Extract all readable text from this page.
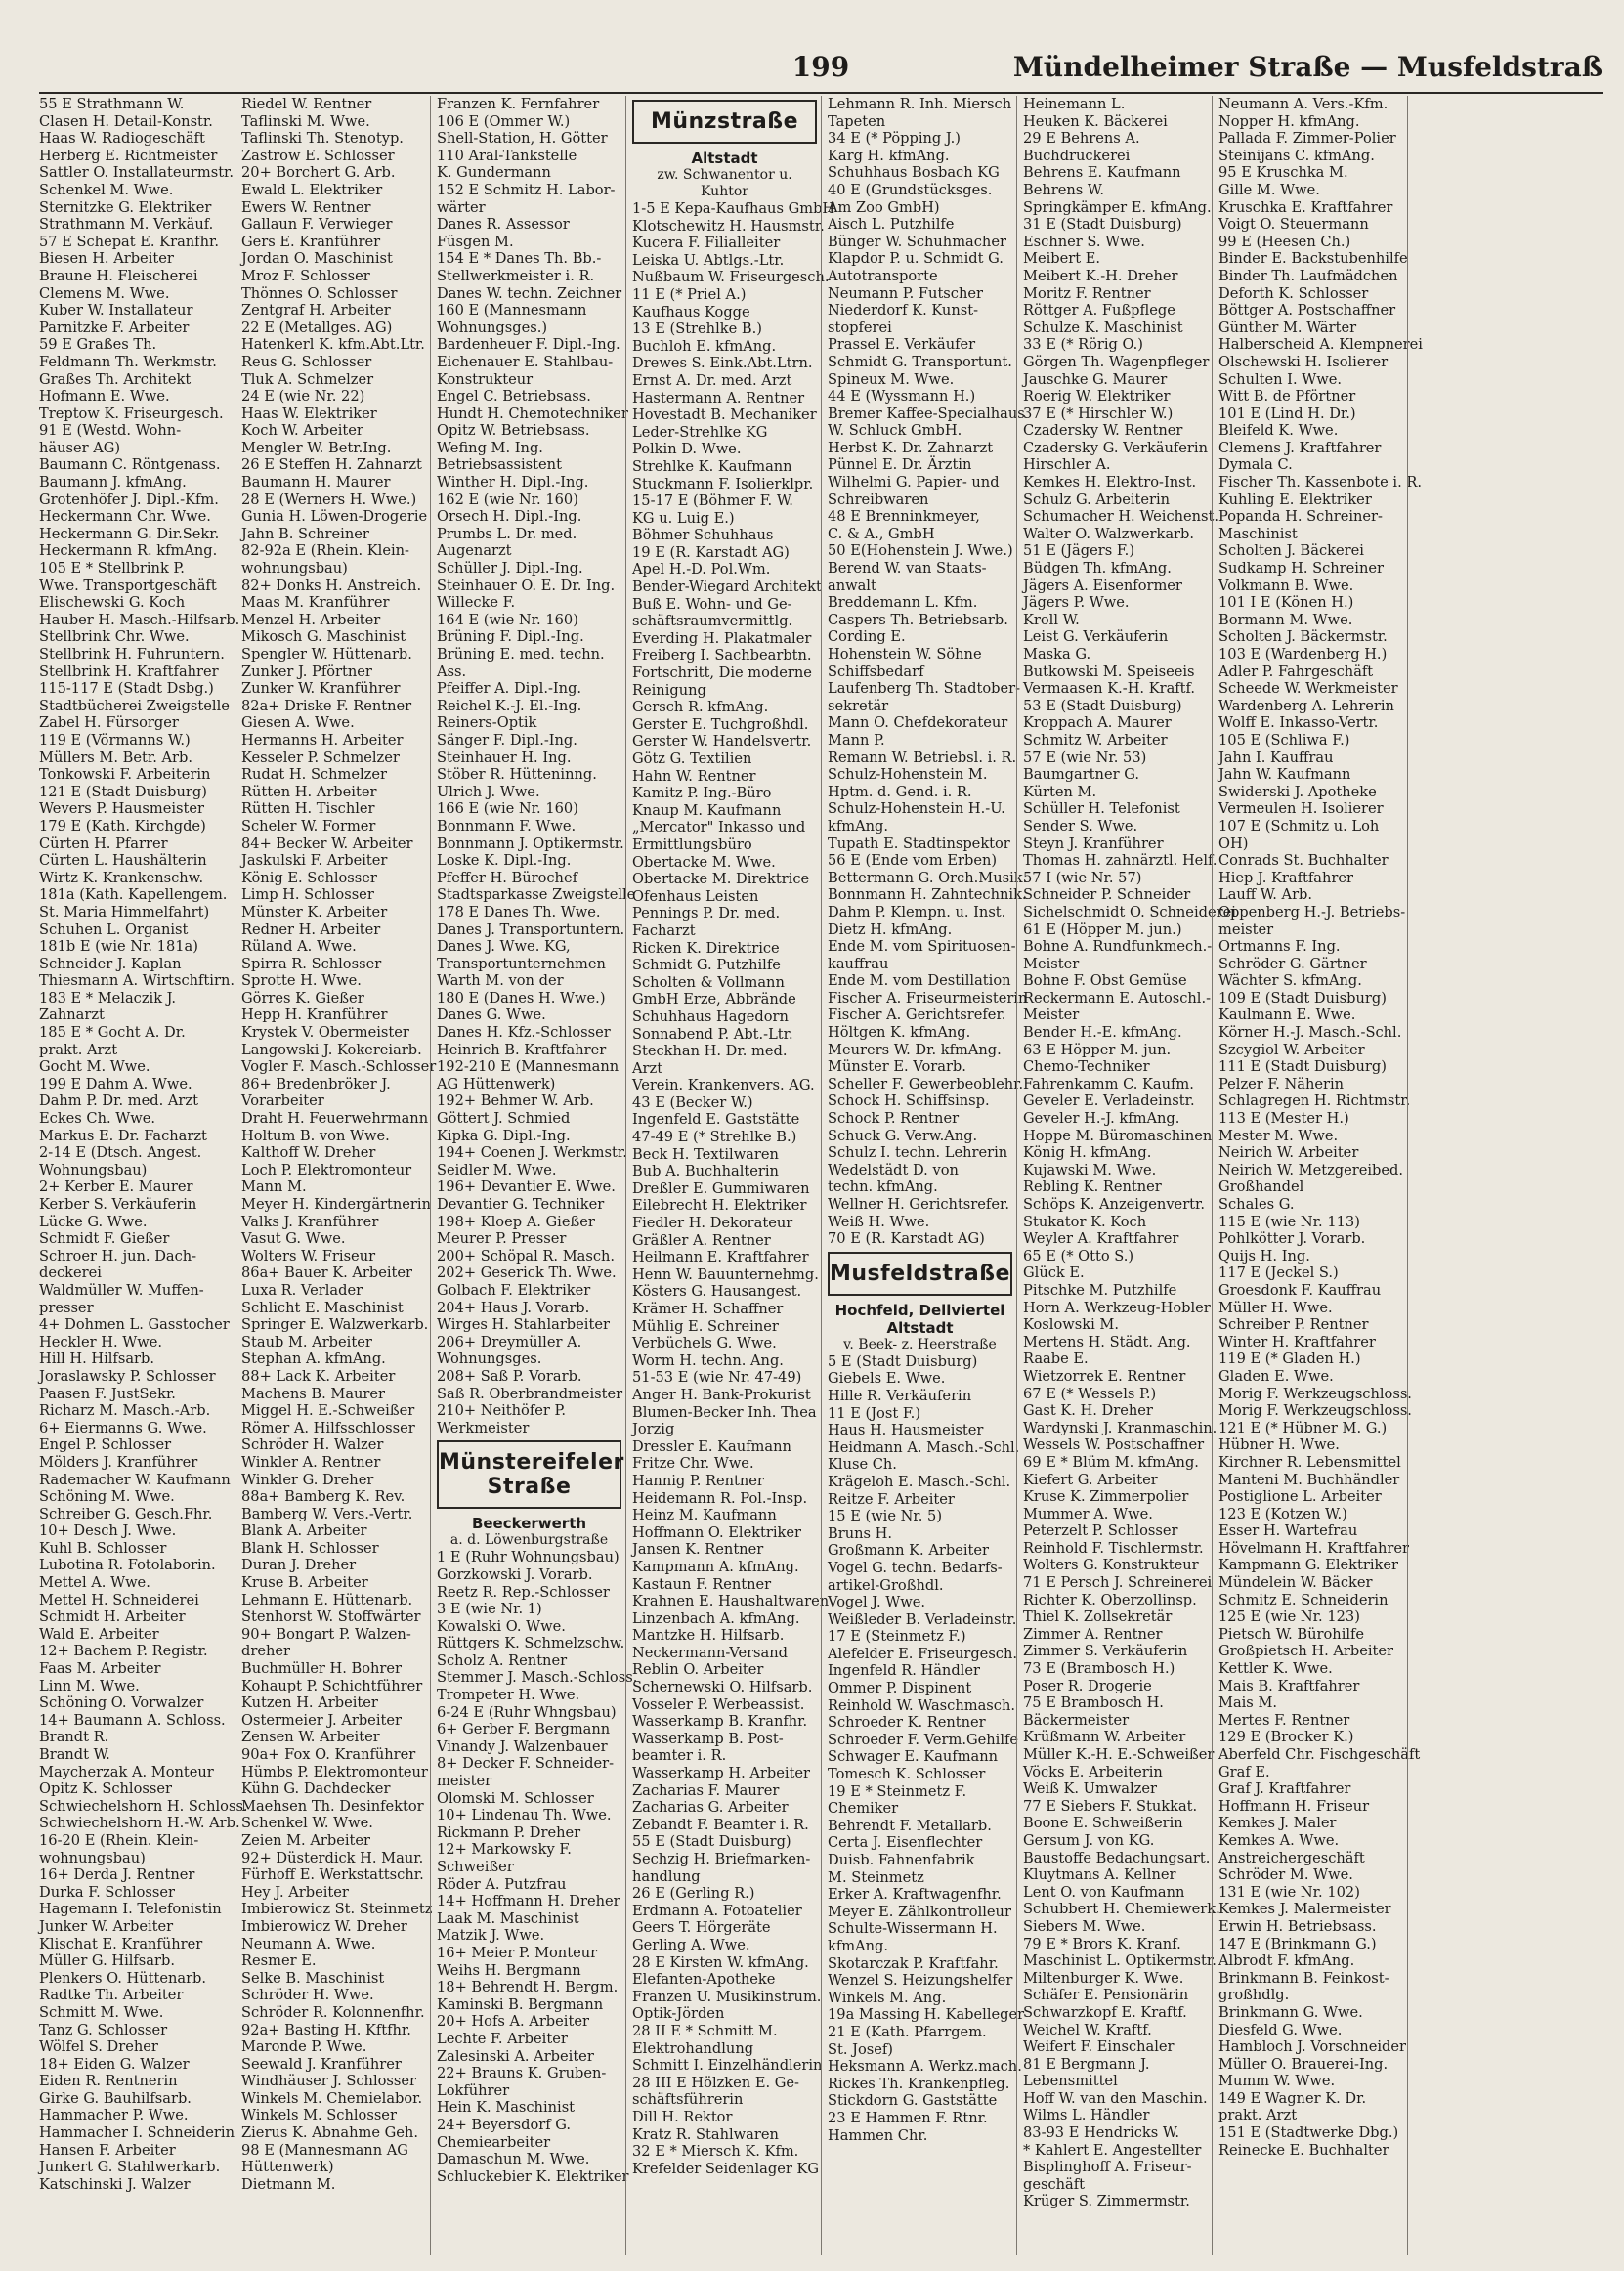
199	Mündelheimer Straße — Musfeldstraß
55 E Strathmann W.
Clasen H. Detail-Konstr.
Haas W. Radiogeschäft
Herberg E. Richtmeister
Sattler O. Installateurmstr.
Schenkel M. Wwe.
Sternitzke G. Elektriker
Strathmann M. Verkäuf.
57 E Schepat E. Kranfhr.
Biesen H. Arbeiter
Braune H. Fleischerei
Clemens M. Wwe.
Kuber W. Installateur
Parnitzke F. Arbeiter
59 E Graßes Th.
Feldmann Th. Werkmstr.
Graßes Th. Architekt
Hofmann E. Wwe.
Treptow K. Friseurgesch.
91 E (Westd. Wohn-
häuser AG)
Baumann C. Röntgenass.
Baumann J. kfmAng.
Grotenhöfer J. Dipl.-Kfm.
Heckermann Chr. Wwe.
Heckermann G. Dir.Sekr.
Heckermann R. kfmAng.
105 E * Stellbrink P.
Wwe. Transportgeschäft
Elischewski G. Koch
Hauber H. Masch.-Hilfsarb.
Stellbrink Chr. Wwe.
Stellbrink H. Fuhruntern.
Stellbrink H. Kraftfahrer
115-117 E (Stadt Dsbg.)
Stadtbücherei Zweigstelle
Zabel H. Fürsorger
119 E (Vörmanns W.)
Müllers M. Betr. Arb.
Tonkowski F. Arbeiterin
121 E (Stadt Duisburg)
Wevers P. Hausmeister
179 E (Kath. Kirchgde)
Cürten H. Pfarrer
Cürten L. Haushälterin
Wirtz K. Krankenschw.
181a (Kath. Kapellengem.
St. Maria Himmelfahrt)
Schuhen L. Organist
181b E (wie Nr. 181a)
Schneider J. Kaplan
Thiesmann A. Wirtschftirn.
183 E * Melaczik J.
Zahnarzt
185 E * Gocht A. Dr.
prakt. Arzt
Gocht M. Wwe.
199 E Dahm A. Wwe.
Dahm P. Dr. med. Arzt
Eckes Ch. Wwe.
Markus E. Dr. Facharzt
2-14 E (Dtsch. Angest.
Wohnungsbau)
2+ Kerber E. Maurer
Kerber S. Verkäuferin
Lücke G. Wwe.
Schmidt F. Gießer
Schroer H. jun. Dach-
deckerei
Waldmüller W. Muffen-
presser
4+ Dohmen L. Gasstocher
Heckler H. Wwe.
Hill H. Hilfsarb.
Joraslawsky P. Schlosser
Paasen F. JustSekr.
Richarz M. Masch.-Arb.
6+ Eiermanns G. Wwe.
Engel P. Schlosser
Mölders J. Kranführer
Rademacher W. Kaufmann
Schöning M. Wwe.
Schreiber G. Gesch.Fhr.
10+ Desch J. Wwe.
Kuhl B. Schlosser
Lubotina R. Fotolaborin.
Mettel A. Wwe.
Mettel H. Schneiderei
Schmidt H. Arbeiter
Wald E. Arbeiter
12+ Bachem P. Registr.
Faas M. Arbeiter
Linn M. Wwe.
Schöning O. Vorwalzer
14+ Baumann A. Schloss.
Brandt R.
Brandt W.
Maycherzak A. Monteur
Opitz K. Schlosser
Schwiechelshorn H. Schloss.
Schwiechelshorn H.-W. Arb.
16-20 E (Rhein. Klein-
wohnungsbau)
16+ Derda J. Rentner
Durka F. Schlosser
Hagemann I. Telefonistin
Junker W. Arbeiter
Klischat E. Kranführer
Müller G. Hilfsarb.
Plenkers O. Hüttenarb.
Radtke Th. Arbeiter
Schmitt M. Wwe.
Tanz G. Schlosser
Wölfel S. Dreher
18+ Eiden G. Walzer
Eiden R. Rentnerin
Girke G. Bauhilfsarb.
Hammacher P. Wwe.
Hammacher I. Schneiderin
Hansen F. Arbeiter
Junkert G. Stahlwerkarb.
Katschinski J. Walzer
Riedel W. Rentner
Taflinski M. Wwe.
Taflinski Th. Stenotyp.
Zastrow E. Schlosser
20+ Borchert G. Arb.
Ewald L. Elektriker
Ewers W. Rentner
Gallaun F. Verwieger
Gers E. Kranführer
Jordan O. Maschinist
Mroz F. Schlosser
Thönnes O. Schlosser
Zentgraf H. Arbeiter
22 E (Metallges. AG)
Hatenkerl K. kfm.Abt.Ltr.
Reus G. Schlosser
Tluk A. Schmelzer
24 E (wie Nr. 22)
Haas W. Elektriker
Koch W. Arbeiter
Mengler W. Betr.Ing.
26 E Steffen H. Zahnarzt
Baumann H. Maurer
28 E (Werners H. Wwe.)
Gunia H. Löwen-Drogerie
Jahn B. Schreiner
82-92a E (Rhein. Klein-
wohnungsbau)
82+ Donks H. Anstreich.
Maas M. Kranführer
Menzel H. Arbeiter
Mikosch G. Maschinist
Spengler W. Hüttenarb.
Zunker J. Pförtner
Zunker W. Kranführer
82a+ Driske F. Rentner
Giesen A. Wwe.
Hermanns H. Arbeiter
Kesseler P. Schmelzer
Rudat H. Schmelzer
Rütten H. Arbeiter
Rütten H. Tischler
Scheler W. Former
84+ Becker W. Arbeiter
Jaskulski F. Arbeiter
König E. Schlosser
Limp H. Schlosser
Münster K. Arbeiter
Redner H. Arbeiter
Rüland A. Wwe.
Spirra R. Schlosser
Sprotte H. Wwe.
Görres K. Gießer
Hepp H. Kranführer
Krystek V. Obermeister
Langowski J. Kokereiarb.
Vogler F. Masch.-Schlosser
86+ Bredenbröker J.
Vorarbeiter
Draht H. Feuerwehrmann
Holtum B. von Wwe.
Kalthoff W. Dreher
Loch P. Elektromonteur
Mann M.
Meyer H. Kindergärtnerin
Valks J. Kranführer
Vasut G. Wwe.
Wolters W. Friseur
86a+ Bauer K. Arbeiter
Luxa R. Verlader
Schlicht E. Maschinist
Springer E. Walzwerkarb.
Staub M. Arbeiter
Stephan A. kfmAng.
88+ Lack K. Arbeiter
Machens B. Maurer
Miggel H. E.-Schweißer
Römer A. Hilfsschlosser
Schröder H. Walzer
Winkler A. Rentner
Winkler G. Dreher
88a+ Bamberg K. Rev.
Bamberg W. Vers.-Vertr.
Blank A. Arbeiter
Blank H. Schlosser
Duran J. Dreher
Kruse B. Arbeiter
Lehmann E. Hüttenarb.
Stenhorst W. Stoffwärter
90+ Bongart P. Walzen-
dreher
Buchmüller H. Bohrer
Kohaupt P. Schichtführer
Kutzen H. Arbeiter
Ostermeier J. Arbeiter
Zensen W. Arbeiter
90a+ Fox O. Kranführer
Hümbs P. Elektromonteur
Kühn G. Dachdecker
Maehsen Th. Desinfektor
Schenkel W. Wwe.
Zeien M. Arbeiter
92+ Düsterdick H. Maur.
Fürhoff E. Werkstattschr.
Hey J. Arbeiter
Imbierowicz St. Steinmetz
Imbierowicz W. Dreher
Neumann A. Wwe.
Resmer E.
Selke B. Maschinist
Schröder H. Wwe.
Schröder R. Kolonnenfhr.
92a+ Basting H. Kftfhr.
Maronde P. Wwe.
Seewald J. Kranführer
Windhäuser J. Schlosser
Winkels M. Chemielabor.
Winkels M. Schlosser
Zierus K. Abnahme Geh.
98 E (Mannesmann AG
Hüttenwerk)
Dietmann M.
Franzen K. Fernfahrer
106 E (Ommer W.)
Shell-Station, H. Götter
110 Aral-Tankstelle
K. Gundermann
152 E Schmitz H. Labor-
wärter
Danes R. Assessor
Füsgen M.
154 E * Danes Th. Bb.-
Stellwerkmeister i. R.
Danes W. techn. Zeichner
160 E (Mannesmann
Wohnungsges.)
Bardenheuer F. Dipl.-Ing.
Eichenauer E. Stahlbau-
Konstrukteur
Engel C. Betriebsass.
Hundt H. Chemotechniker
Opitz W. Betriebsass.
Wefing M. Ing.
Betriebsassistent
Winther H. Dipl.-Ing.
162 E (wie Nr. 160)
Orsech H. Dipl.-Ing.
Prumbs L. Dr. med.
Augenarzt
Schüller J. Dipl.-Ing.
Steinhauer O. E. Dr. Ing.
Willecke F.
164 E (wie Nr. 160)
Brüning F. Dipl.-Ing.
Brüning E. med. techn.
Ass.
Pfeiffer A. Dipl.-Ing.
Reichel K.-J. El.-Ing.
Reiners-Optik
Sänger F. Dipl.-Ing.
Steinhauer H. Ing.
Stöber R. Hütteninng.
Ulrich J. Wwe.
166 E (wie Nr. 160)
Bonnmann F. Wwe.
Bonnmann J. Optikermstr.
Loske K. Dipl.-Ing.
Pfeffer H. Bürochef
Stadtsparkasse Zweigstelle
178 E Danes Th. Wwe.
Danes J. Transportuntern.
Danes J. Wwe. KG,
Transportunternehmen
Warth M. von der
180 E (Danes H. Wwe.)
Danes G. Wwe.
Danes H. Kfz.-Schlosser
Heinrich B. Kraftfahrer
192-210 E (Mannesmann
AG Hüttenwerk)
192+ Behmer W. Arb.
Göttert J. Schmied
Kipka G. Dipl.-Ing.
194+ Coenen J. Werkmstr.
Seidler M. Wwe.
196+ Devantier E. Wwe.
Devantier G. Techniker
198+ Kloep A. Gießer
Meurer P. Presser
200+ Schöpal R. Masch.
202+ Geserick Th. Wwe.
Golbach F. Elektriker
204+ Haus J. Vorarb.
Wirges H. Stahlarbeiter
206+ Dreymüller A.
Wohnungsges.
208+ Saß P. Vorarb.
Saß R. Oberbrandmeister
210+ Neithöfer P.
Werkmeister
Münstereifeler Straße
Beeckerwerth
a. d. Löwenburgstraße
1 E (Ruhr Wohnungsbau)
Gorzkowski J. Vorarb.
Reetz R. Rep.-Schlosser
3 E (wie Nr. 1)
Kowalski O. Wwe.
Rüttgers K. Schmelzschw.
Scholz A. Rentner
Stemmer J. Masch.-Schloss.
Trompeter H. Wwe.
6-24 E (Ruhr Whngsbau)
6+ Gerber F. Bergmann
Vinandy J. Walzenbauer
8+ Decker F. Schneider-
meister
Olomski M. Schlosser
10+ Lindenau Th. Wwe.
Rickmann P. Dreher
12+ Markowsky F.
Schweißer
Röder A. Putzfrau
14+ Hoffmann H. Dreher
Laak M. Maschinist
Matzik J. Wwe.
16+ Meier P. Monteur
Weihs H. Bergmann
18+ Behrendt H. Bergm.
Kaminski B. Bergmann
20+ Hofs A. Arbeiter
Lechte F. Arbeiter
Zalesinski A. Arbeiter
22+ Brauns K. Gruben-
Lokführer
Hein K. Maschinist
24+ Beyersdorf G.
Chemiearbeiter
Damaschun M. Wwe.
Schluckebier K. Elektriker
Münzstraße
Altstadt
zw. Schwanentor u. Kuhtor
1-5 E Kepa-Kaufhaus GmbH
Klotschewitz H. Hausmstr.
Kucera F. Filialleiter
Leiska U. Abtlgs.-Ltr.
Nußbaum W. Friseurgesch.
11 E (* Priel A.)
Kaufhaus Kogge
13 E (Strehlke B.)
Buchloh E. kfmAng.
Drewes S. Eink.Abt.Ltrn.
Ernst A. Dr. med. Arzt
Hastermann A. Rentner
Hovestadt B. Mechaniker
Leder-Strehlke KG
Polkin D. Wwe.
Strehlke K. Kaufmann
Stuckmann F. Isolierklpr.
15-17 E (Böhmer F. W.
KG u. Luig E.)
Böhmer Schuhhaus
19 E (R. Karstadt AG)
Apel H.-D. Pol.Wm.
Bender-Wiegard Architekt
Buß E. Wohn- und Ge-
schäftsraumvermittlg.
Everding H. Plakatmaler
Freiberg I. Sachbearbtn.
Fortschritt, Die moderne
Reinigung
Gersch R. kfmAng.
Gerster E. Tuchgroßhdl.
Gerster W. Handelsvertr.
Götz G. Textilien
Hahn W. Rentner
Kamitz P. Ing.-Büro
Knaup M. Kaufmann
„Mercator" Inkasso und
Ermittlungsbüro
Obertacke M. Wwe.
Obertacke M. Direktrice
Ofenhaus Leisten
Pennings P. Dr. med.
Facharzt
Ricken K. Direktrice
Schmidt G. Putzhilfe
Scholten & Vollmann
GmbH Erze, Abbrände
Schuhhaus Hagedorn
Sonnabend P. Abt.-Ltr.
Steckhan H. Dr. med.
Arzt
Verein. Krankenvers. AG.
43 E (Becker W.)
Ingenfeld E. Gaststätte
47-49 E (* Strehlke B.)
Beck H. Textilwaren
Bub A. Buchhalterin
Dreßler E. Gummiwaren
Eilebrecht H. Elektriker
Fiedler H. Dekorateur
Gräßler A. Rentner
Heilmann E. Kraftfahrer
Henn W. Bauunternehmg.
Kösters G. Hausangest.
Krämer H. Schaffner
Mühlig E. Schreiner
Verbüchels G. Wwe.
Worm H. techn. Ang.
51-53 E (wie Nr. 47-49)
Anger H. Bank-Prokurist
Blumen-Becker Inh. Thea
Jorzig
Dressler E. Kaufmann
Fritze Chr. Wwe.
Hannig P. Rentner
Heidemann R. Pol.-Insp.
Heinz M. Kaufmann
Hoffmann O. Elektriker
Jansen K. Rentner
Kampmann A. kfmAng.
Kastaun F. Rentner
Krahnen E. Haushaltwaren
Linzenbach A. kfmAng.
Mantzke H. Hilfsarb.
Neckermann-Versand
Reblin O. Arbeiter
Schernewski O. Hilfsarb.
Vosseler P. Werbeassist.
Wasserkamp B. Kranfhr.
Wasserkamp B. Post-
beamter i. R.
Wasserkamp H. Arbeiter
Zacharias F. Maurer
Zacharias G. Arbeiter
Zebandt F. Beamter i. R.
55 E (Stadt Duisburg)
Sechzig H. Briefmarken-
handlung
26 E (Gerling R.)
Erdmann A. Fotoatelier
Geers T. Hörgeräte
Gerling A. Wwe.
28 E Kirsten W. kfmAng.
Elefanten-Apotheke
Franzen U. Musikinstrum.
Optik-Jörden
28 II E * Schmitt M.
Elektrohandlung
Schmitt I. Einzelhändlerin
28 III E Hölzken E. Ge-
schäftsführerin
Dill H. Rektor
Kratz R. Stahlwaren
32 E * Miersch K. Kfm.
Krefelder Seidenlager KG
Lehmann R. Inh. Miersch
Tapeten
34 E (* Pöpping J.)
Karg H. kfmAng.
Schuhhaus Bosbach KG
40 E (Grundstücksges.
Am Zoo GmbH)
Aisch L. Putzhilfe
Bünger W. Schuhmacher
Klapdor P. u. Schmidt G.
Autotransporte
Neumann P. Futscher
Niederdorf K. Kunst-
stopferei
Prassel E. Verkäufer
Schmidt G. Transportunt.
Spineux M. Wwe.
44 E (Wyssmann H.)
Bremer Kaffee-Specialhaus
W. Schluck GmbH.
Herbst K. Dr. Zahnarzt
Pünnel E. Dr. Ärztin
Wilhelmi G. Papier- und
Schreibwaren
48 E Brenninkmeyer,
C. & A., GmbH
50 E(Hohenstein J. Wwe.)
Berend W. van Staats-
anwalt
Breddemann L. Kfm.
Caspers Th. Betriebsarb.
Cording E.
Hohenstein W. Söhne
Schiffsbedarf
Laufenberg Th. Stadtober-
sekretär
Mann O. Chefdekorateur
Mann P.
Remann W. Betriebsl. i. R.
Schulz-Hohenstein M.
Hptm. d. Gend. i. R.
Schulz-Hohenstein H.-U.
kfmAng.
Tupath E. Stadtinspektor
56 E (Ende vom Erben)
Bettermann G. Orch.Musik.
Bonnmann H. Zahntechnik.
Dahm P. Klempn. u. Inst.
Dietz H. kfmAng.
Ende M. vom Spirituosen-
kauffrau
Ende M. vom Destillation
Fischer A. Friseurmeisterin
Fischer A. Gerichtsrefer.
Höltgen K. kfmAng.
Meurers W. Dr. kfmAng.
Münster E. Vorarb.
Scheller F. Gewerbeoblehr.
Schock H. Schiffsinsp.
Schock P. Rentner
Schuck G. Verw.Ang.
Schulz I. techn. Lehrerin
Wedelstädt D. von
techn. kfmAng.
Wellner H. Gerichtsrefer.
Weiß H. Wwe.
70 E (R. Karstadt AG)
Musfeldstraße
Hochfeld, Dellviertel
Altstadt
v. Beek- z. Heerstraße
5 E (Stadt Duisburg)
Giebels E. Wwe.
Hille R. Verkäuferin
11 E (Jost F.)
Haus H. Hausmeister
Heidmann A. Masch.-Schl.
Kluse Ch.
Krägeloh E. Masch.-Schl.
Reitze F. Arbeiter
15 E (wie Nr. 5)
Bruns H.
Großmann K. Arbeiter
Vogel G. techn. Bedarfs-
artikel-Großhdl.
Vogel J. Wwe.
Weißleder B. Verladeinstr.
17 E (Steinmetz F.)
Alefelder E. Friseurgesch.
Ingenfeld R. Händler
Ommer P. Dispinent
Reinhold W. Waschmasch.
Schroeder K. Rentner
Schroeder F. Verm.Gehilfe
Schwager E. Kaufmann
Tomesch K. Schlosser
19 E * Steinmetz F.
Chemiker
Behrendt F. Metallarb.
Certa J. Eisenflechter
Duisb. Fahnenfabrik
M. Steinmetz
Erker A. Kraftwagenfhr.
Meyer E. Zählkontrolleur
Schulte-Wissermann H.
kfmAng.
Skotarczak P. Kraftfahr.
Wenzel S. Heizungshelfer
Winkels M. Ang.
19a Massing H. Kabelleger
21 E (Kath. Pfarrgem.
St. Josef)
Heksmann A. Werkz.mach.
Rickes Th. Krankenpfleg.
Stickdorn G. Gaststätte
23 E Hammen F. Rtnr.
Hammen Chr.
Heinemann L.
Heuken K. Bäckerei
29 E Behrens A.
Buchdruckerei
Behrens E. Kaufmann
Behrens W.
Springkämper E. kfmAng.
31 E (Stadt Duisburg)
Eschner S. Wwe.
Meibert E.
Meibert K.-H. Dreher
Moritz F. Rentner
Röttger A. Fußpflege
Schulze K. Maschinist
33 E (* Rörig O.)
Görgen Th. Wagenpfleger
Jauschke G. Maurer
Roerig W. Elektriker
37 E (* Hirschler W.)
Czadersky W. Rentner
Czadersky G. Verkäuferin
Hirschler A.
Kemkes H. Elektro-Inst.
Schulz G. Arbeiterin
Schumacher H. Weichenst.
Walter O. Walzwerkarb.
51 E (Jägers F.)
Büdgen Th. kfmAng.
Jägers A. Eisenformer
Jägers P. Wwe.
Kroll W.
Leist G. Verkäuferin
Maska G.
Butkowski M. Speiseeis
Vermaasen K.-H. Kraftf.
53 E (Stadt Duisburg)
Kroppach A. Maurer
Schmitz W. Arbeiter
57 E (wie Nr. 53)
Baumgartner G.
Kürten M.
Schüller H. Telefonist
Sender S. Wwe.
Steyn J. Kranführer
Thomas H. zahnärztl. Helf.
57 I (wie Nr. 57)
Schneider P. Schneider
Sichelschmidt O. Schneiderei
61 E (Höpper M. jun.)
Bohne A. Rundfunkmech.-
Meister
Bohne F. Obst Gemüse
Reckermann E. Autoschl.-
Meister
Bender H.-E. kfmAng.
63 E Höpper M. jun.
Chemo-Techniker
Fahrenkamm C. Kaufm.
Geveler E. Verladeinstr.
Geveler H.-J. kfmAng.
Hoppe M. Büromaschinen
König H. kfmAng.
Kujawski M. Wwe.
Rebling K. Rentner
Schöps K. Anzeigenvertr.
Stukator K. Koch
Weyler A. Kraftfahrer
65 E (* Otto S.)
Glück E.
Pitschke M. Putzhilfe
Horn A. Werkzeug-Hobler
Koslowski M.
Mertens H. Städt. Ang.
Raabe E.
Wietzorrek E. Rentner
67 E (* Wessels P.)
Gast K. H. Dreher
Wardynski J. Kranmaschin.
Wessels W. Postschaffner
69 E * Blüm M. kfmAng.
Kiefert G. Arbeiter
Kruse K. Zimmerpolier
Mummer A. Wwe.
Peterzelt P. Schlosser
Reinhold F. Tischlermstr.
Wolters G. Konstrukteur
71 E Persch J. Schreinerei
Richter K. Oberzollinsp.
Thiel K. Zollsekretär
Zimmer A. Rentner
Zimmer S. Verkäuferin
73 E (Brambosch H.)
Poser R. Drogerie
75 E Brambosch H.
Bäckermeister
Krüßmann W. Arbeiter
Müller K.-H. E.-Schweißer
Vöcks E. Arbeiterin
Weiß K. Umwalzer
77 E Siebers F. Stukkat.
Boone E. Schweißerin
Gersum J. von KG.
Baustoffe Bedachungsart.
Kluytmans A. Kellner
Lent O. von Kaufmann
Schubbert H. Chemiewerk.
Siebers M. Wwe.
79 E * Brors K. Kranf.
Maschinist L. Optikermstr.
Miltenburger K. Wwe.
Schäfer E. Pensionärin
Schwarzkopf E. Kraftf.
Weichel W. Kraftf.
Weifert F. Einschaler
81 E Bergmann J.
Lebensmittel
Hoff W. van den Maschin.
Wilms L. Händler
83-93 E Hendricks W.
* Kahlert E. Angestellter
Bisplinghoff A. Friseur-
geschäft
Krüger S. Zimmermstr.
Neumann A. Vers.-Kfm.
Nopper H. kfmAng.
Pallada F. Zimmer-Polier
Steinijans C. kfmAng.
95 E Kruschka M.
Gille M. Wwe.
Kruschka E. Kraftfahrer
Voigt O. Steuermann
99 E (Heesen Ch.)
Binder E. Backstubenhilfe
Binder Th. Laufmädchen
Deforth K. Schlosser
Böttger A. Postschaffner
Günther M. Wärter
Halberscheid A. Klempnerei
Olschewski H. Isolierer
Schulten I. Wwe.
Witt B. de Pförtner
101 E (Lind H. Dr.)
Bleifeld K. Wwe.
Clemens J. Kraftfahrer
Dymala C.
Fischer Th. Kassenbote i. R.
Kuhling E. Elektriker
Popanda H. Schreiner-
Maschinist
Scholten J. Bäckerei
Sudkamp H. Schreiner
Volkmann B. Wwe.
101 I E (Könen H.)
Bormann M. Wwe.
Scholten J. Bäckermstr.
103 E (Wardenberg H.)
Adler P. Fahrgeschäft
Scheede W. Werkmeister
Wardenberg A. Lehrerin
Wolff E. Inkasso-Vertr.
105 E (Schliwa F.)
Jahn I. Kauffrau
Jahn W. Kaufmann
Swiderski J. Apotheke
Vermeulen H. Isolierer
107 E (Schmitz u. Loh
OH)
Conrads St. Buchhalter
Hiep J. Kraftfahrer
Lauff W. Arb.
Oppenberg H.-J. Betriebs-
meister
Ortmanns F. Ing.
Schröder G. Gärtner
Wächter S. kfmAng.
109 E (Stadt Duisburg)
Kaulmann E. Wwe.
Körner H.-J. Masch.-Schl.
Szcygiol W. Arbeiter
111 E (Stadt Duisburg)
Pelzer F. Näherin
Schlagregen H. Richtmstr.
113 E (Mester H.)
Mester M. Wwe.
Neirich W. Arbeiter
Neirich W. Metzgereibed.
Großhandel
Schales G.
115 E (wie Nr. 113)
Pohlkötter J. Vorarb.
Quijs H. Ing.
117 E (Jeckel S.)
Groesdonk F. Kauffrau
Müller H. Wwe.
Schreiber P. Rentner
Winter H. Kraftfahrer
119 E (* Gladen H.)
Gladen E. Wwe.
Morig F. Werkzeugschloss.
Morig F. Werkzeugschloss.
121 E (* Hübner M. G.)
Hübner H. Wwe.
Kirchner R. Lebensmittel
Manteni M. Buchhändler
Postiglione L. Arbeiter
123 E (Kotzen W.)
Esser H. Wartefrau
Hövelmann H. Kraftfahrer
Kampmann G. Elektriker
Mündelein W. Bäcker
Schmitz E. Schneiderin
125 E (wie Nr. 123)
Pietsch W. Bürohilfe
Großpietsch H. Arbeiter
Kettler K. Wwe.
Mais B. Kraftfahrer
Mais M.
Mertes F. Rentner
129 E (Brocker K.)
Aberfeld Chr. Fischgeschäft
Graf E.
Graf J. Kraftfahrer
Hoffmann H. Friseur
Kemkes J. Maler
Kemkes A. Wwe.
Anstreichergeschäft
Schröder M. Wwe.
131 E (wie Nr. 102)
Kemkes J. Malermeister
Erwin H. Betriebsass.
147 E (Brinkmann G.)
Albrodt F. kfmAng.
Brinkmann B. Feinkost-
großhdlg.
Brinkmann G. Wwe.
Diesfeld G. Wwe.
Hambloch J. Vorschneider
Müller O. Brauerei-Ing.
Mumm W. Wwe.
149 E Wagner K. Dr.
prakt. Arzt
151 E (Stadtwerke Dbg.)
Reinecke E. Buchhalter
